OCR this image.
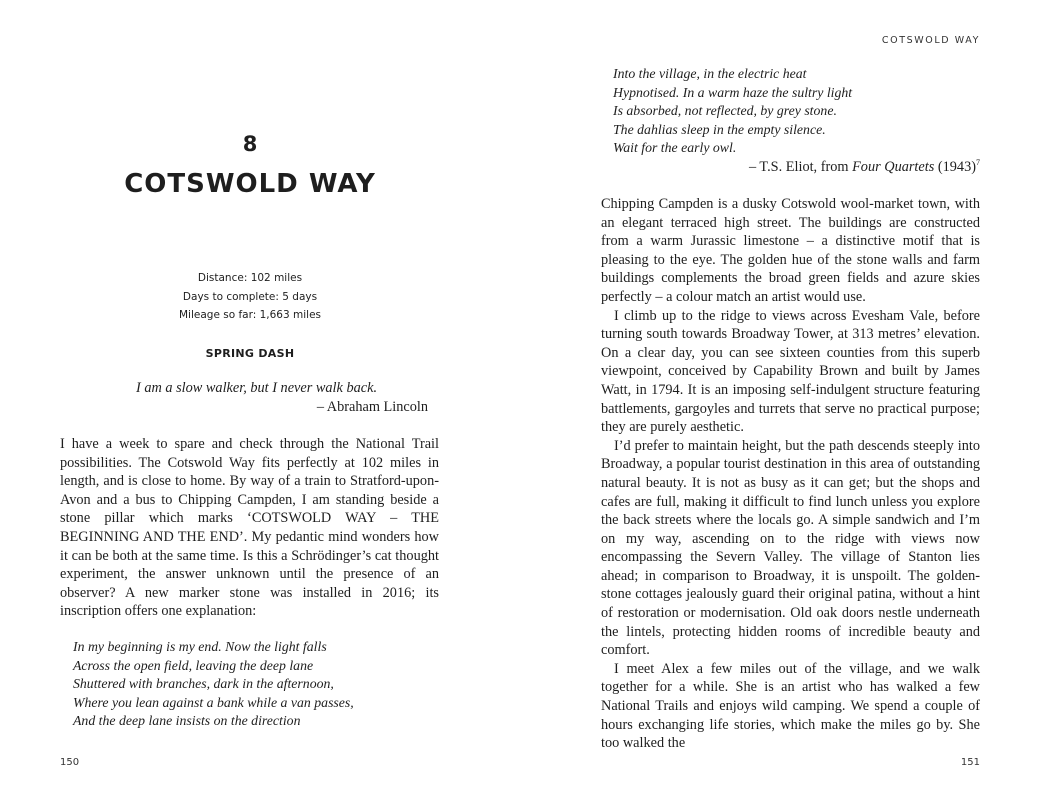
8
COTSWOLD WAY
Distance: 102 miles
Days to complete: 5 days
Mileage so far: 1,663 miles
SPRING DASH
I am a slow walker, but I never walk back.
– Abraham Lincoln

I have a week to spare and check through the National Trail possibilities. The Cotswold Way fits perfectly at 102 miles in length, and is close to home. By way of a train to Stratford-upon-Avon and a bus to Chipping Campden, I am standing beside a stone pillar which marks ‘COTSWOLD WAY – THE BEGINNING AND THE END’. My pedantic mind wonders how it can be both at the same time. Is this a Schrödinger’s cat thought experiment, the answer unknown until the presence of an observer? A new marker stone was installed in 2016; its inscription offers one explanation:

In my beginning is my end. Now the light falls
Across the open field, leaving the deep lane
Shuttered with branches, dark in the afternoon,
Where you lean against a bank while a van passes,
And the deep lane insists on the direction
150
COTSWOLD WAY
Into the village, in the electric heat
Hypnotised. In a warm haze the sultry light
Is absorbed, not reflected, by grey stone.
The dahlias sleep in the empty silence.
Wait for the early owl.
– T.S. Eliot, from Four Quartets $(1943)^7$

Chipping Campden is a dusky Cotswold wool-market town, with an elegant terraced high street. The buildings are constructed from a warm Jurassic limestone – a distinctive motif that is pleasing to the eye. The golden hue of the stone walls and farm buildings complements the broad green fields and azure skies perfectly – a colour match an artist would use.

I climb up to the ridge to views across Evesham Vale, before turning south towards Broadway Tower, at 313 metres’ elevation. On a clear day, you can see sixteen counties from this superb viewpoint, conceived by Capability Brown and built by James Watt, in 1794. It is an imposing self-indulgent structure featuring battlements, gargoyles and turrets that serve no practical purpose; they are purely aesthetic.

I’d prefer to maintain height, but the path descends steeply into Broadway, a popular tourist destination in this area of outstanding natural beauty. It is not as busy as it can get; but the shops and cafes are full, making it difficult to find lunch unless you explore the back streets where the locals go. A simple sandwich and I’m on my way, ascending on to the ridge with views now encompassing the Severn Valley. The village of Stanton lies ahead; in comparison to Broadway, it is unspoilt. The golden-stone cottages jealously guard their original patina, without a hint of restoration or modernisation. Old oak doors nestle underneath the lintels, protecting hidden rooms of incredible beauty and comfort.

I meet Alex a few miles out of the village, and we walk together for a while. She is an artist who has walked a few National Trails and enjoys wild camping. We spend a couple of hours exchanging life stories, which make the miles go by. She too walked the

151
